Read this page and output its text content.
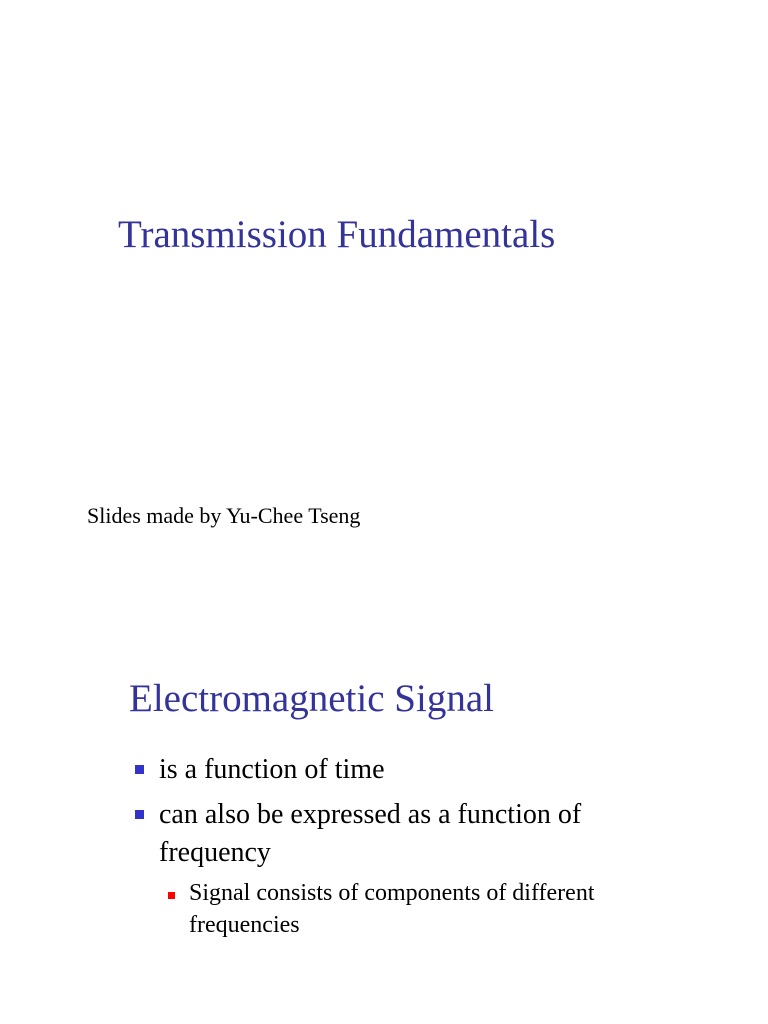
Transmission Fundamentals
Slides made by Yu-Chee Tseng
Electromagnetic Signal
is a function of time
can also be expressed as a function of frequency
Signal consists of components of different frequencies
